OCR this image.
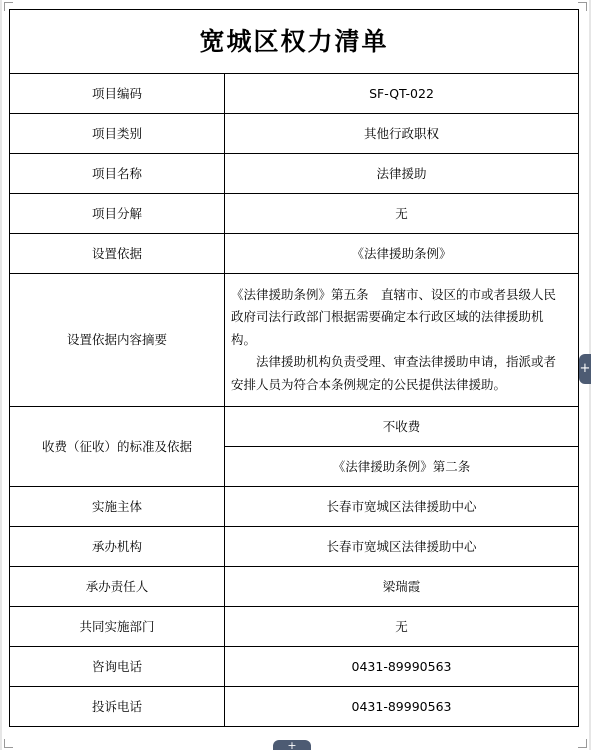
宽城区权力清单	
项目编码	SF-QT-022
项目类别	其他行政职权
项目名称	法律援助
项目分解	无
设置依据	《法律援助条例》
设置依据内容摘要	《法律援助条例》第五条　直辖市、设区的市或者县级人民政府司法行政部门根据需要确定本行政区域的法律援助机构。

法律援助机构负责受理、审查法律援助申请，指派或者安排人员为符合本条例规定的公民提供法律援助。

收费（征收）的标准及依据	不收费
	《法律援助条例》第二条
实施主体	长春市宽城区法律援助中心
承办机构	长春市宽城区法律援助中心
承办责任人	梁瑞霞
共同实施部门	无
咨询电话	0431-89990563
投诉电话	0431-89990563
+
+
